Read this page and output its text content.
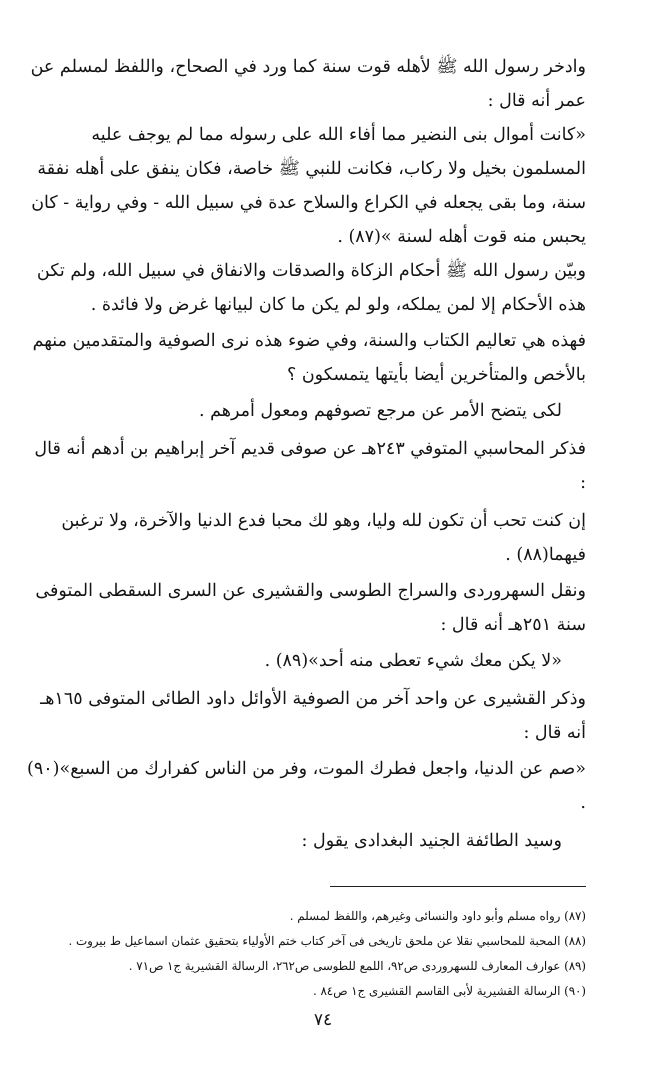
وادخر رسول الله ﷺ لأهله قوت سنة كما ورد في الصحاح، واللفظ لمسلم عن عمر أنه قال :

«كانت أموال بنى النضير مما أفاء الله على رسوله مما لم يوجف عليه المسلمون بخيل ولا ركاب، فكانت للنبي ﷺ خاصة، فكان ينفق على أهله نفقة سنة، وما بقى يجعله في الكراع والسلاح عدة في سبيل الله - وفي رواية - كان يحبس منه قوت أهله لسنة »(٨٧) .

وبيّن رسول الله ﷺ أحكام الزكاة والصدقات والانفاق في سبيل الله، ولم تكن هذه الأحكام إلا لمن يملكه، ولو لم يكن ما كان لبيانها غرض ولا فائدة .

فهذه هي تعاليم الكتاب والسنة، وفي ضوء هذه نرى الصوفية والمتقدمين منهم بالأخص والمتأخرين أيضا بأيتها يتمسكون ؟

لكى يتضح الأمر عن مرجع تصوفهم ومعول أمرهم .

فذكر المحاسبي المتوفي ٢٤٣هـ عن صوفى قديم آخر إبراهيم بن أدهم أنه قال :

إن كنت تحب أن تكون لله وليا، وهو لك محبا فدع الدنيا والآخرة، ولا ترغبن فيهما(٨٨) .

ونقل السهروردى والسراج الطوسى والقشيرى عن السرى السقطى المتوفى سنة ٢٥١هـ أنه قال :

«لا يكن معك شيء تعطى منه أحد»(٨٩) .

وذكر القشيرى عن واحد آخر من الصوفية الأوائل داود الطائى المتوفى ١٦٥هـ أنه قال :

«صم عن الدنيا، واجعل فطرك الموت، وفر من الناس كفرارك من السبع»(٩٠) .

وسيد الطائفة الجنيد البغدادى يقول :

(٨٧) رواه مسلم وأبو داود والنسائى وغيرهم، واللفظ لمسلم .
(٨٨) المحبة للمحاسبي نقلا عن ملحق تاريخى فى آخر كتاب ختم الأولياء بتحقيق عثمان اسماعيل ط بيروت .
(٨٩) عوارف المعارف للسهروردى ص٩٢، اللمع للطوسى ص٢٦٢، الرسالة القشيرية ج١ ص٧١ .
(٩٠) الرسالة القشيرية لأبى القاسم القشيرى ج١ ص٨٤ .
٧٤
